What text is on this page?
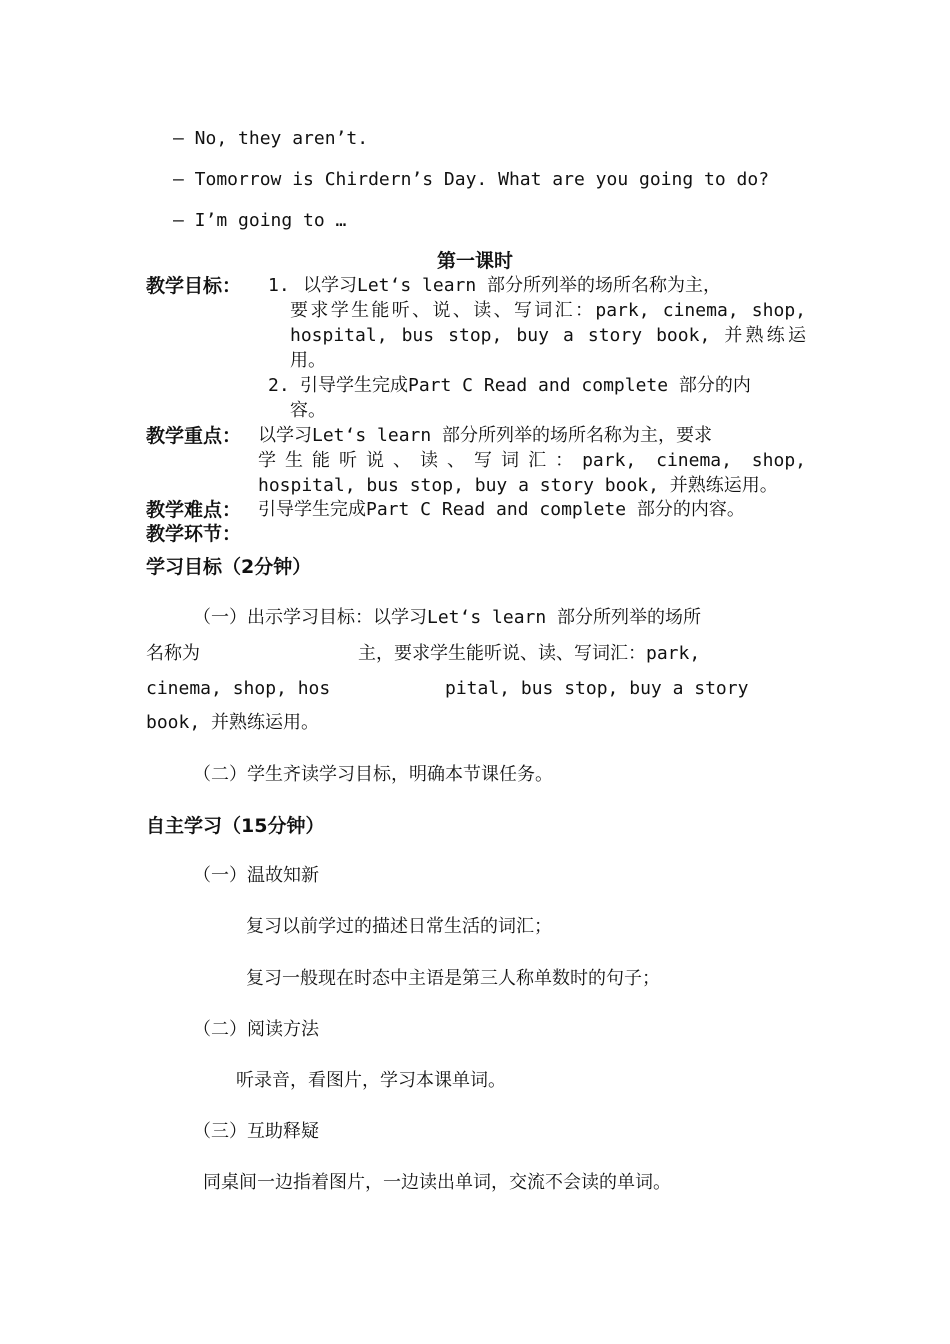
— No, they aren’t.
— Tomorrow is Chirdern’s Day. What are you going to do?
— I’m going to …
第一课时
教学目标： 1. 以学习Let‘s learn 部分所列举的场所名称为主，
要求学生能听、说、读、写词汇：park, cinema, shop,
hospital, bus stop, buy a story book, 并熟练运
用。
2. 引导学生完成Part C Read and complete 部分的内
容。
教学重点： 以学习Let‘s learn 部分所列举的场所名称为主，要求
学生能听说、读、写词汇：park, cinema, shop,
hospital, bus stop, buy a story book, 并熟练运用。
教学难点： 引导学生完成Part C Read and complete 部分的内容。
教学环节：
学习目标（2分钟）
（一）出示学习目标：以学习Let‘s learn 部分所列举的场所
名称为	主，要求学生能听说、读、写词汇：park,
cinema, shop, hos	pital, bus stop, buy a story
book, 并熟练运用。
（二）学生齐读学习目标，明确本节课任务。
自主学习（15分钟）
（一）温故知新
复习以前学过的描述日常生活的词汇；
复习一般现在时态中主语是第三人称单数时的句子；
（二）阅读方法
听录音，看图片，学习本课单词。
（三）互助释疑
同桌间一边指着图片，一边读出单词，交流不会读的单词。
